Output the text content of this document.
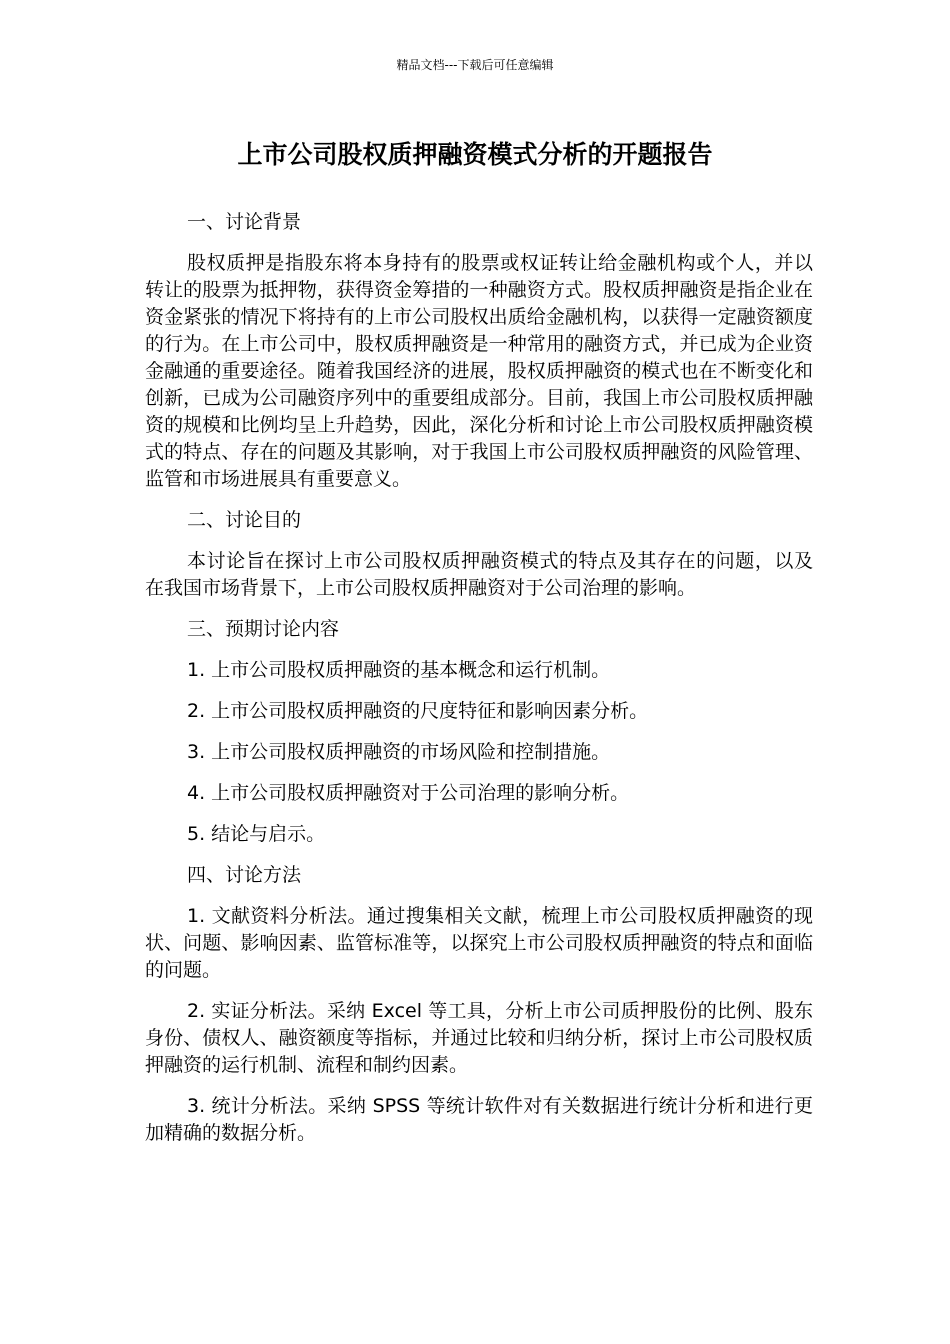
精品文档---下载后可任意编辑
上市公司股权质押融资模式分析的开题报告

一、讨论背景

股权质押是指股东将本身持有的股票或权证转让给金融机构或个人，并以转让的股票为抵押物，获得资金筹措的一种融资方式。股权质押融资是指企业在资金紧张的情况下将持有的上市公司股权出质给金融机构，以获得一定融资额度的行为。在上市公司中，股权质押融资是一种常用的融资方式，并已成为企业资金融通的重要途径。随着我国经济的进展，股权质押融资的模式也在不断变化和创新，已成为公司融资序列中的重要组成部分。目前，我国上市公司股权质押融资的规模和比例均呈上升趋势，因此，深化分析和讨论上市公司股权质押融资模式的特点、存在的问题及其影响，对于我国上市公司股权质押融资的风险管理、监管和市场进展具有重要意义。

二、讨论目的

本讨论旨在探讨上市公司股权质押融资模式的特点及其存在的问题，以及在我国市场背景下，上市公司股权质押融资对于公司治理的影响。

三、预期讨论内容

1. 上市公司股权质押融资的基本概念和运行机制。

2. 上市公司股权质押融资的尺度特征和影响因素分析。

3. 上市公司股权质押融资的市场风险和控制措施。

4. 上市公司股权质押融资对于公司治理的影响分析。

5. 结论与启示。

四、讨论方法

1. 文献资料分析法。通过搜集相关文献，梳理上市公司股权质押融资的现状、问题、影响因素、监管标准等，以探究上市公司股权质押融资的特点和面临的问题。

2. 实证分析法。采纳 Excel 等工具，分析上市公司质押股份的比例、股东身份、债权人、融资额度等指标，并通过比较和归纳分析，探讨上市公司股权质押融资的运行机制、流程和制约因素。

3. 统计分析法。采纳 SPSS 等统计软件对有关数据进行统计分析和进行更加精确的数据分析。
